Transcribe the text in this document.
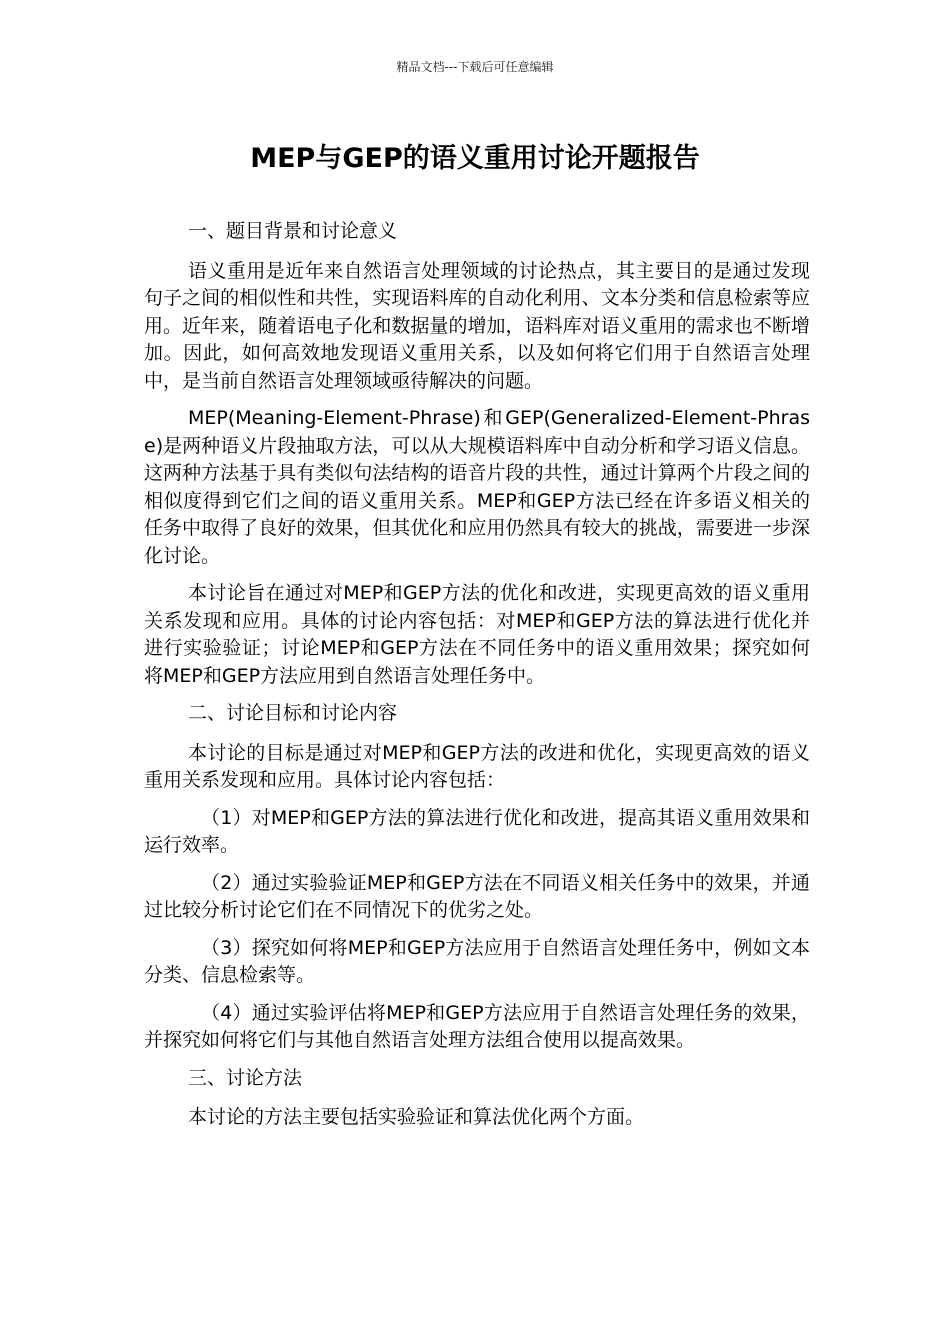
精品文档---下载后可任意编辑
MEP与GEP的语义重用讨论开题报告

一、题目背景和讨论意义

语义重用是近年来自然语言处理领域的讨论热点，其主要目的是通过发现句子之间的相似性和共性，实现语料库的自动化利用、文本分类和信息检索等应用。近年来，随着语电子化和数据量的增加，语料库对语义重用的需求也不断增加。因此，如何高效地发现语义重用关系，以及如何将它们用于自然语言处理中，是当前自然语言处理领域亟待解决的问题。

MEP(Meaning-Element-Phrase)和GEP(Generalized-Element-Phrase)是两种语义片段抽取方法，可以从大规模语料库中自动分析和学习语义信息。这两种方法基于具有类似句法结构的语音片段的共性，通过计算两个片段之间的相似度得到它们之间的语义重用关系。MEP和GEP方法已经在许多语义相关的任务中取得了良好的效果，但其优化和应用仍然具有较大的挑战，需要进一步深化讨论。

本讨论旨在通过对MEP和GEP方法的优化和改进，实现更高效的语义重用关系发现和应用。具体的讨论内容包括：对MEP和GEP方法的算法进行优化并进行实验验证；讨论MEP和GEP方法在不同任务中的语义重用效果；探究如何将MEP和GEP方法应用到自然语言处理任务中。

二、讨论目标和讨论内容

本讨论的目标是通过对MEP和GEP方法的改进和优化，实现更高效的语义重用关系发现和应用。具体讨论内容包括：

（1）对MEP和GEP方法的算法进行优化和改进，提高其语义重用效果和运行效率。

（2）通过实验验证MEP和GEP方法在不同语义相关任务中的效果，并通过比较分析讨论它们在不同情况下的优劣之处。

（3）探究如何将MEP和GEP方法应用于自然语言处理任务中，例如文本分类、信息检索等。

（4）通过实验评估将MEP和GEP方法应用于自然语言处理任务的效果，并探究如何将它们与其他自然语言处理方法组合使用以提高效果。

三、讨论方法

本讨论的方法主要包括实验验证和算法优化两个方面。
